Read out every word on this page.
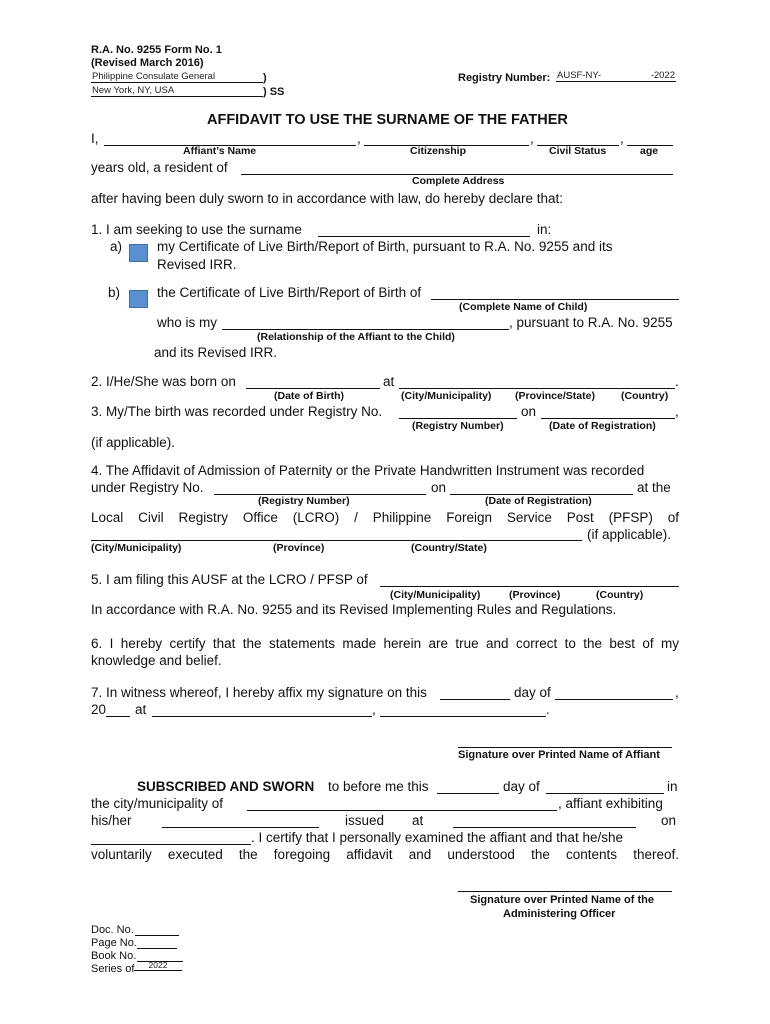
R.A. No. 9255 Form No. 1
(Revised March 2016)
Philippine Consulate General
)
New York, NY, USA
) SS
Registry Number:
AUSF-NY-
-2022
AFFIDAVIT TO USE THE SURNAME OF THE FATHER
I,	,	,	,
Affiant’s Name	Citizenship	Civil Status	age
years old, a resident of
Complete Address
after having been duly sworn to in accordance with law, do hereby declare that:
1. I am seeking to use the surname	in:
a)	my Certificate of Live Birth/Report of Birth, pursuant to R.A. No. 9255 and its
Revised IRR.
b)	the Certificate of Live Birth/Report of Birth of
(Complete Name of Child)
who is my	, pursuant to R.A. No. 9255
(Relationship of the Affiant to the Child)
and its Revised IRR.
2. I/He/She was born on	at	.
(Date of Birth)	(City/Municipality) (Province/State) (Country)
3. My/The birth was recorded under Registry No.	on	,
(Registry Number)	(Date of Registration)
(if applicable).
4. The Affidavit of Admission of Paternity or the Private Handwritten Instrument was recorded
under Registry No.	on	at the
(Registry Number)	(Date of Registration)
Local Civil Registry Office (LCRO) / Philippine Foreign Service Post (PFSP) of
(if applicable).
(City/Municipality)	(Province)	(Country/State)
5. I am filing this AUSF at the LCRO / PFSP of
(City/Municipality)	(Province)	(Country)
In accordance with R.A. No. 9255 and its Revised Implementing Rules and Regulations.
6. I hereby certify that the statements made herein are true and correct to the best of my
knowledge and belief.
7. In witness whereof, I hereby affix my signature on this	day of	,
20 at	,	.
Signature over Printed Name of Affiant
SUBSCRIBED AND SWORN to before me this	day of	in
the city/municipality of	, affiant exhibiting
his/her	issued at	on
. I certify that I personally examined the affiant and that he/she
voluntarily executed the foregoing affidavit and understood the contents thereof.
Signature over Printed Name of the
Administering Officer
Doc. No.
Page No.
Book No.
Series of
2022
